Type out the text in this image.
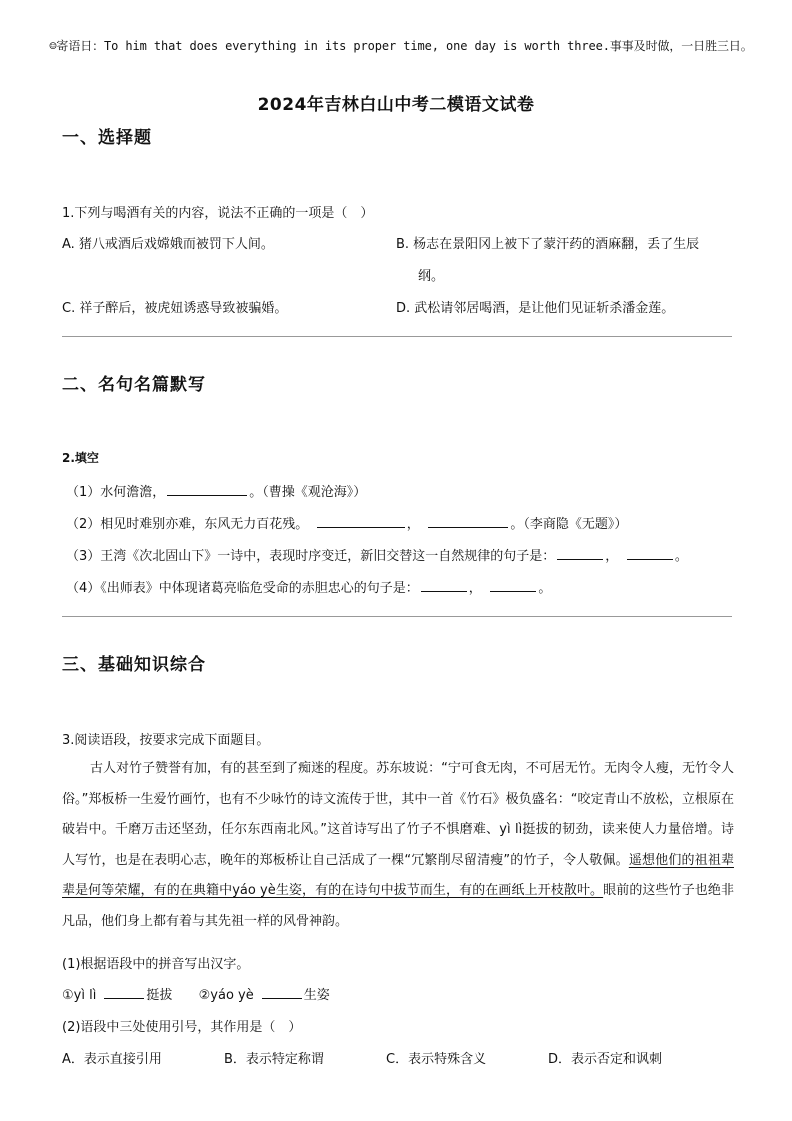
☺寄语日：To him that does everything in its proper time, one day is worth three.事事及时做，一日胜三日。
2024年吉林白山中考二模语文试卷
一、选择题
1.下列与喝酒有关的内容，说法不正确的一项是（　）
A. 猪八戒酒后戏嫦娥而被罚下人间。	B. 杨志在景阳冈上被下了蒙汗药的酒麻翻，丢了生辰
纲。
C. 祥子醉后，被虎妞诱惑导致被骗婚。	D. 武松请邻居喝酒，是让他们见证斩杀潘金莲。
二、名句名篇默写
2.填空
（1）水何澹澹，	。（曹操《观沧海》）
（2）相见时难别亦难，东风无力百花残。　	，　	。（李商隐《无题》）
（3）王湾《次北固山下》一诗中，表现时序变迁，新旧交替这一自然规律的句子是：	，　	。
（4）《出师表》中体现诸葛亮临危受命的赤胆忠心的句子是：	，　	。
三、基础知识综合
3.阅读语段，按要求完成下面题目。
古人对竹子赞誉有加，有的甚至到了痴迷的程度。苏东坡说：“宁可食无肉，不可居无竹。无肉令人瘦，无竹令人俗。”郑板桥一生爱竹画竹，也有不少咏竹的诗文流传于世，其中一首《竹石》极负盛名：“咬定青山不放松，立根原在破岩中。千磨万击还坚劲，任尔东西南北风。”这首诗写出了竹子不惧磨难、yì lì挺拔的韧劲，读来使人力量倍增。诗人写竹，也是在表明心志，晚年的郑板桥让自己活成了一棵“冗繁削尽留清瘦”的竹子，令人敬佩。遥想他们的祖祖辈辈是何等荣耀，有的在典籍中yáo yè生姿，有的在诗句中拔节而生，有的在画纸上开枝散叶。眼前的这些竹子也绝非凡品，他们身上都有着与其先祖一样的风骨神韵。
(1)根据语段中的拼音写出汉字。
①yì lì	挺拔 ②yáo yè	生姿
(2)语段中三处使用引号，其作用是（　）
A．表示直接引用	B．表示特定称谓	C．表示特殊含义	D．表示否定和讽刺
